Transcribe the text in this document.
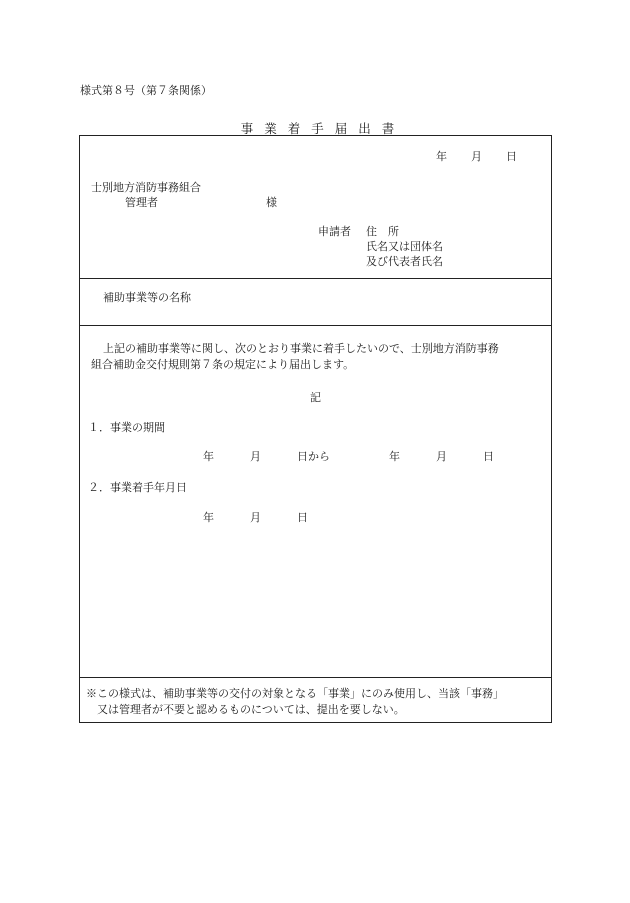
様式第８号（第７条関係）
事業着手届出書
年 月 日
士別地方消防事務組合
管理者	様
申請者 住　所
氏名又は団体名
及び代表者氏名
補助事業等の名称
上記の補助事業等に関し、次のとおり事業に着手したいので、士別地方消防事務
組合補助金交付規則第７条の規定により届出します。
記
１．事業の期間
年	月	日から	年	月	日
２．事業着手年月日
年	月	日
※この様式は、補助事業等の交付の対象となる「事業」にのみ使用し、当該「事務」
又は管理者が不要と認めるものについては、提出を要しない。
